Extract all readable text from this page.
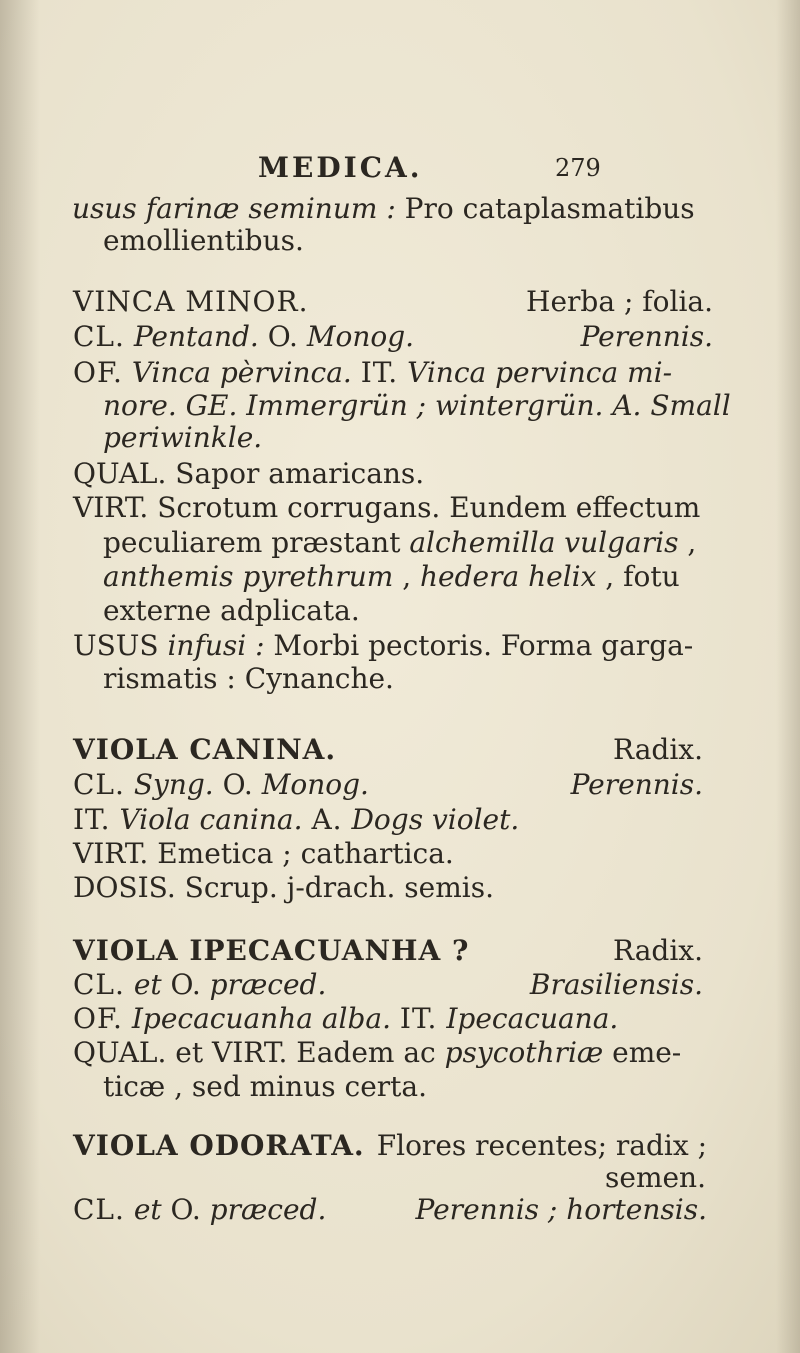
MEDICA.	279
usus farinæ seminum : Pro cataplasmatibus
emollientibus.
VINCA MINOR.	Herba ; folia.
CL. Pentand. O. Monog.	Perennis.
OF. Vinca pèrvinca. IT. Vinca pervinca mi-
nore. GE. Immergrün ; wintergrün. A. Small
periwinkle.
QUAL. Sapor amaricans.
VIRT. Scrotum corrugans. Eundem effectum
peculiarem præstant alchemilla vulgaris ,
anthemis pyrethrum , hedera helix , fotu
externe adplicata.
USUS infusi : Morbi pectoris. Forma garga-
rismatis : Cynanche.
VIOLA CANINA.	Radix.
CL. Syng. O. Monog.	Perennis.
IT. Viola canina. A. Dogs violet.
VIRT. Emetica ; cathartica.
DOSIS. Scrup. j-drach. semis.
VIOLA IPECACUANHA ?	Radix.
CL. et O. præced.	Brasiliensis.
OF. Ipecacuanha alba. IT. Ipecacuana.
QUAL. et VIRT. Eadem ac psycothriæ eme-
ticæ , sed minus certa.
VIOLA ODORATA. Flores recentes; radix ;
semen.
CL. et O. præced.	Perennis ; hortensis.
